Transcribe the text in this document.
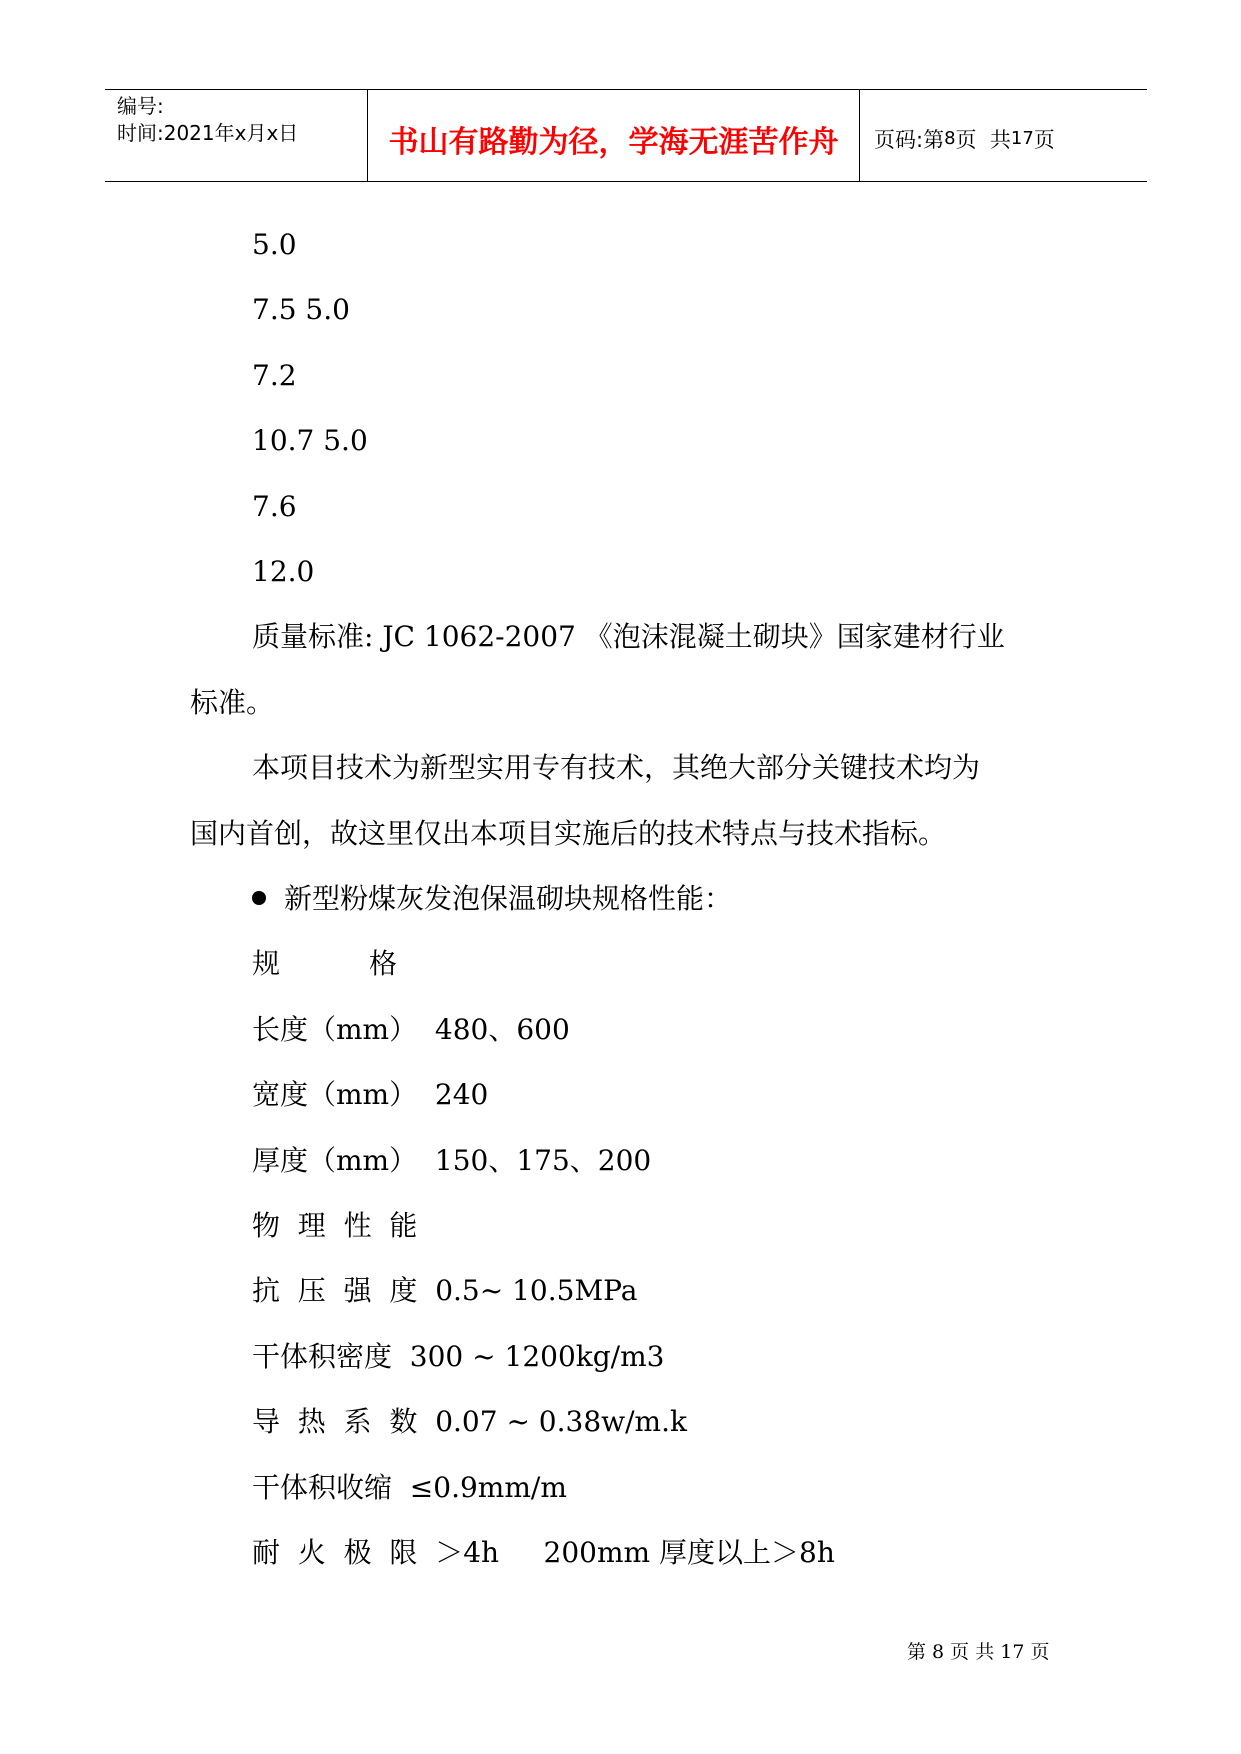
编号:
时间:2021年x月x日	书山有路勤为径，学海无涯苦作舟	页码:第 8 页  共 17 页
5.0
7.5 5.0
7.2
10.7 5.0
7.6
12.0
质量标准: JC 1062-2007 《泡沫混凝土砌块》国家建材行业
标准。
本项目技术为新型实用专有技术，其绝大部分关键技术均为
国内首创，故这里仅出本项目实施后的技术特点与技术指标。
新型粉煤灰发泡保温砌块规格性能：
规          格
长度（mm）  480、600
宽度（mm）  240
厚度（mm）  150、175、200
物  理  性  能
抗  压  强  度  0.5~ 10.5MPa
干体积密度  300 ~ 1200kg/m3
导  热  系  数  0.07 ~ 0.38w/m.k
干体积收缩  ≤0.9mm/m
耐  火  极  限  ＞4h     200mm 厚度以上＞8h
第 8 页 共 17 页
